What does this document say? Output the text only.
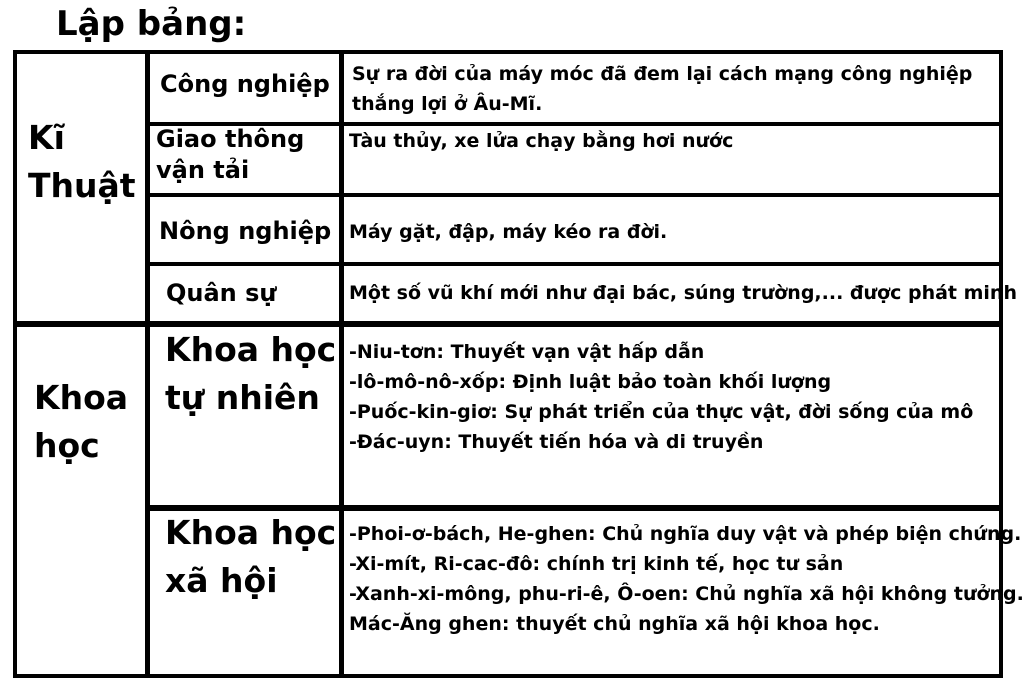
Lập bảng:
Kĩ
Thuật
Công nghiệp Sự ra đời của máy móc đã đem lại cách mạng công nghiệp
thắng lợi ở Âu-Mĩ.
Giao thông
vận tải
Tàu thủy, xe lửa chạy bằng hơi nước
Nông nghiệp Máy gặt, đập, máy kéo ra đời.
Quân sự	Một số vũ khí mới như đại bác, súng trường,... được phát minh
Khoa
học
Khoa học
tự nhiên
-Niu-tơn: Thuyết vạn vật hấp dẫn
-lô-mô-nô-xốp: Định luật bảo toàn khối lượng
-Puốc-kin-giơ: Sự phát triển của thực vật, đời sống của mô
-Đác-uyn: Thuyết tiến hóa và di truyền
Khoa học
xã hội
-Phoi-ơ-bách, He-ghen: Chủ nghĩa duy vật và phép biện chứng.
-Xi-mít, Ri-cac-đô: chính trị kinh tế, học tư sản
-Xanh-xi-mông, phu-ri-ê, Ô-oen: Chủ nghĩa xã hội không tưởng.
Mác-Ăng ghen: thuyết chủ nghĩa xã hội khoa học.
